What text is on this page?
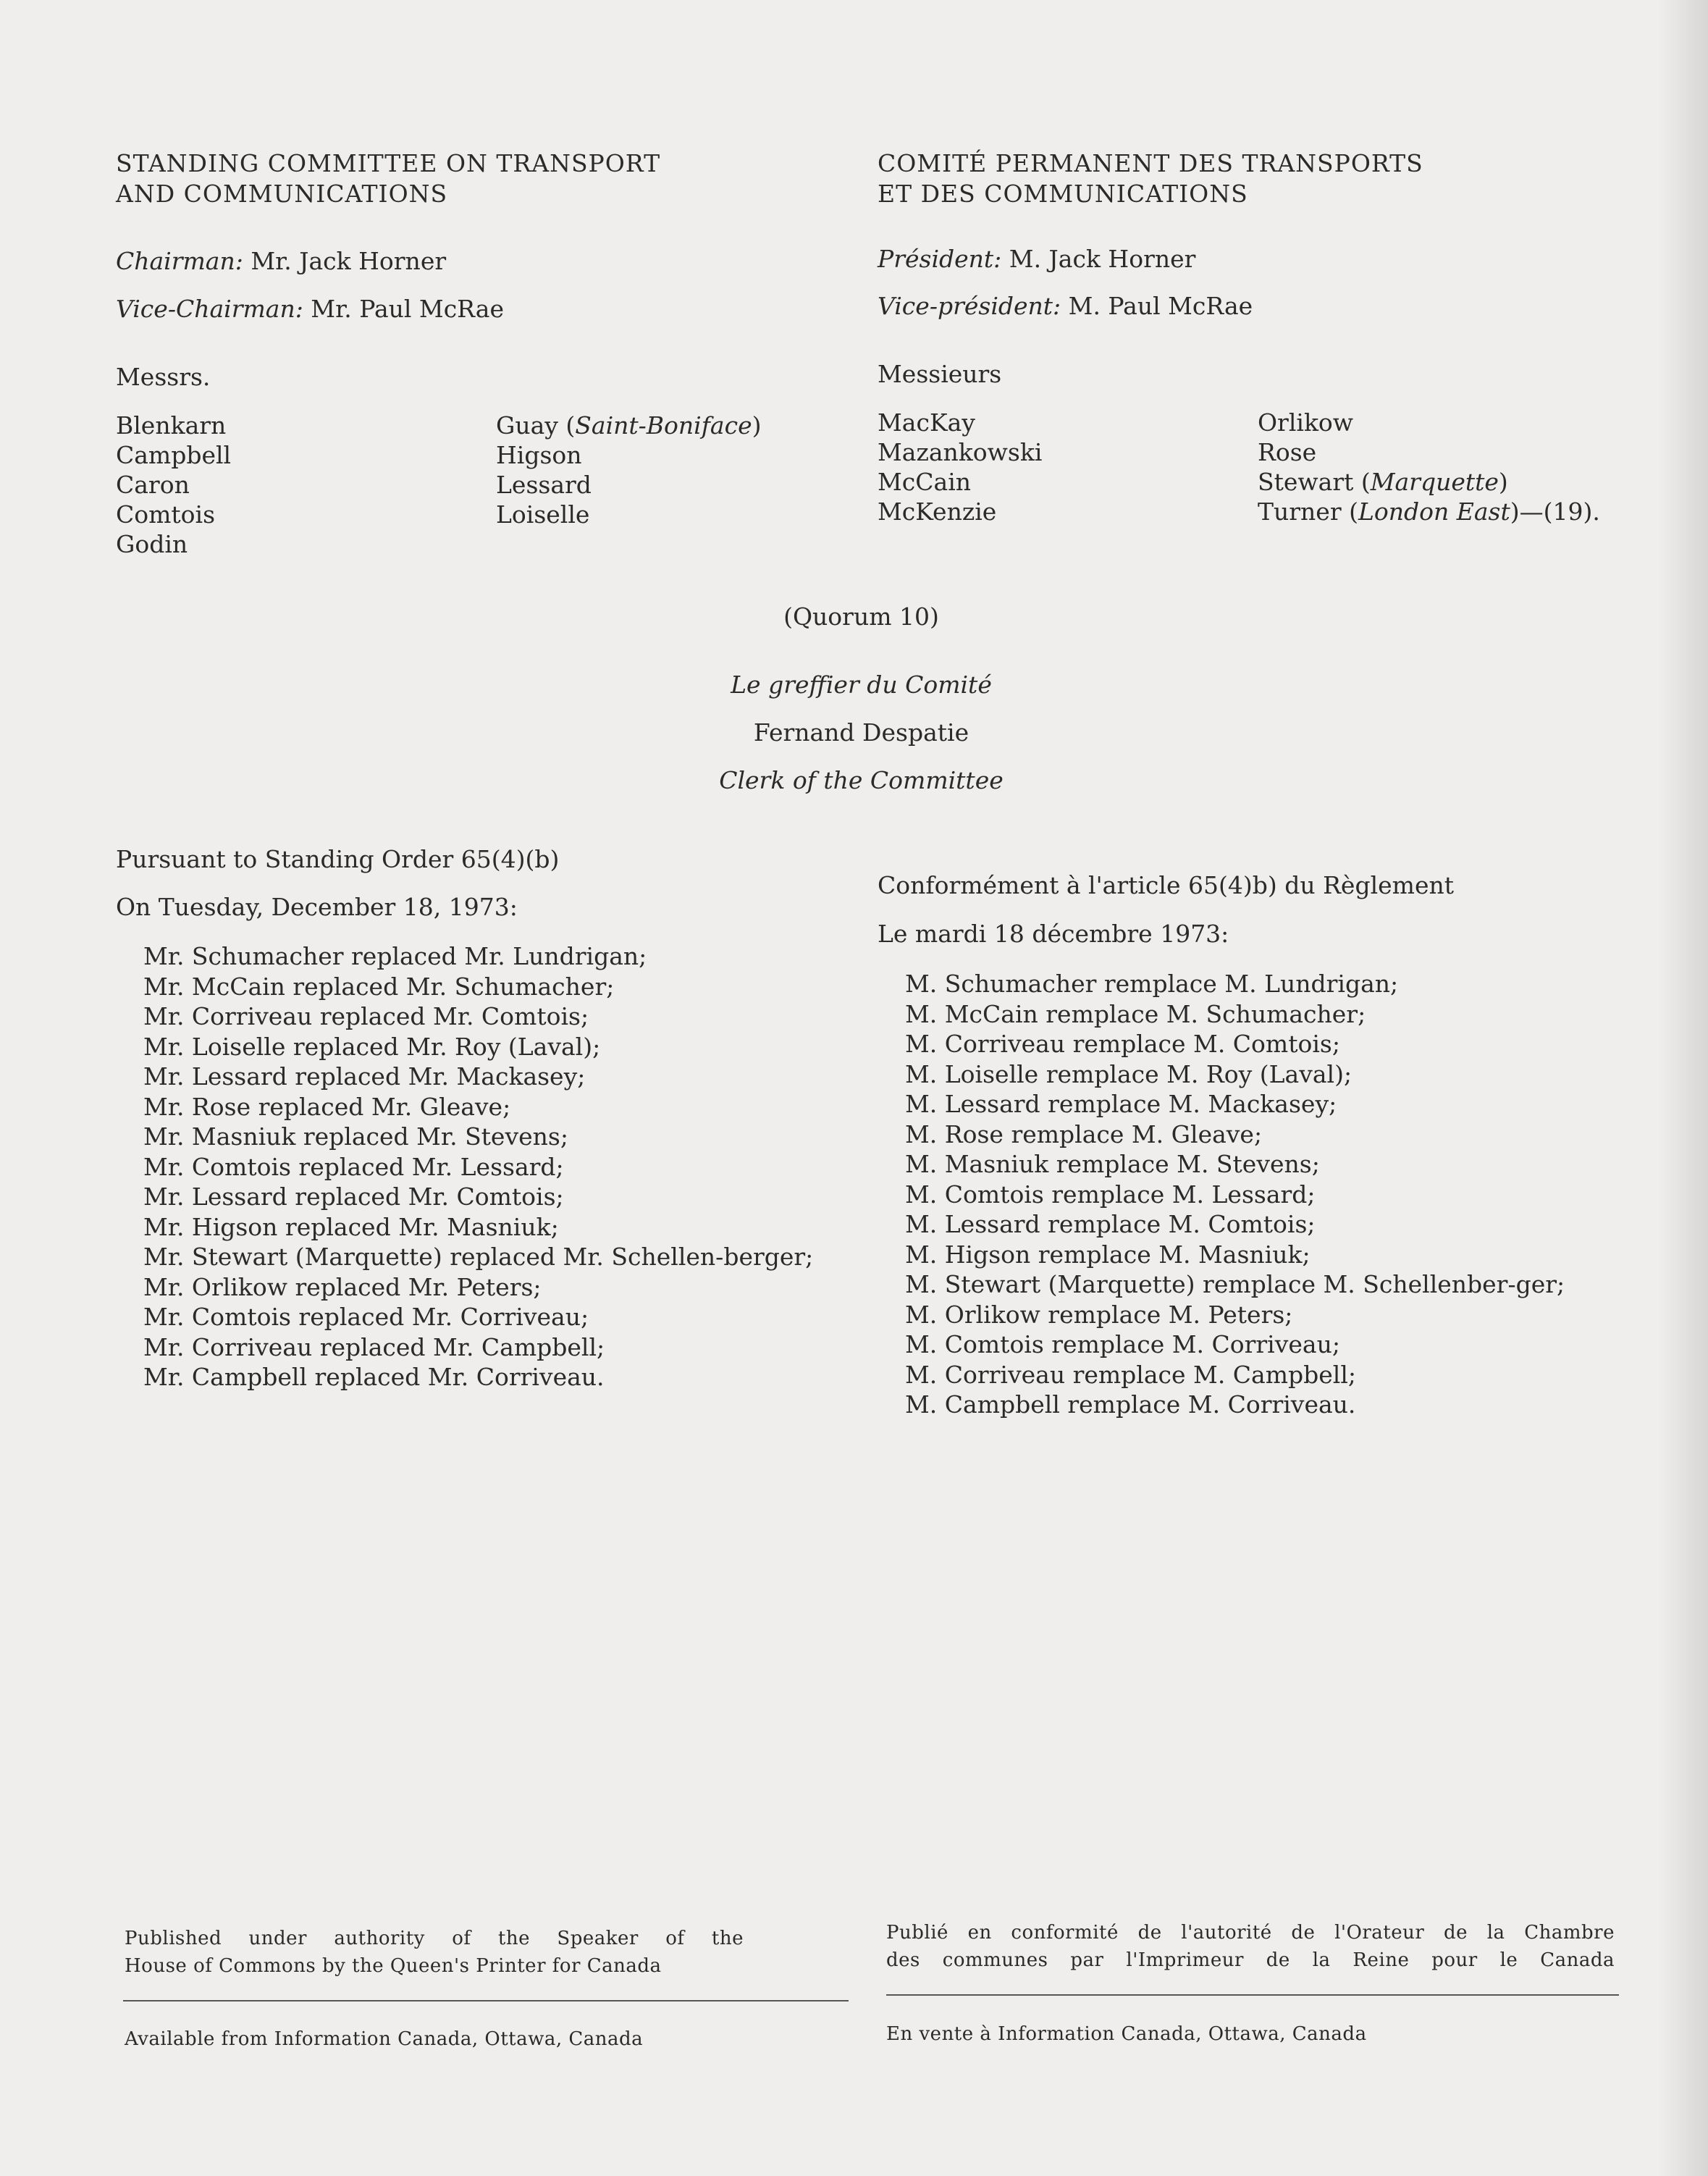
STANDING COMMITTEE ON TRANSPORT
AND COMMUNICATIONS
Chairman: Mr. Jack Horner
Vice-Chairman: Mr. Paul McRae
Messrs.
Blenkarn
Campbell
Caron
Comtois
Godin
Guay (Saint-Boniface)
Higson
Lessard
Loiselle
COMITÉ PERMANENT DES TRANSPORTS
ET DES COMMUNICATIONS
Président: M. Jack Horner
Vice-président: M. Paul McRae
Messieurs
MacKay
Mazankowski
McCain
McKenzie
Orlikow
Rose
Stewart (Marquette)
Turner (London East)—(19).
(Quorum 10)
Le greffier du Comité
Fernand Despatie
Clerk of the Committee
Pursuant to Standing Order 65(4)(b)
On Tuesday, December 18, 1973:
Mr. Schumacher replaced Mr. Lundrigan;
Mr. McCain replaced Mr. Schumacher;
Mr. Corriveau replaced Mr. Comtois;
Mr. Loiselle replaced Mr. Roy (Laval);
Mr. Lessard replaced Mr. Mackasey;
Mr. Rose replaced Mr. Gleave;
Mr. Masniuk replaced Mr. Stevens;
Mr. Comtois replaced Mr. Lessard;
Mr. Lessard replaced Mr. Comtois;
Mr. Higson replaced Mr. Masniuk;
Mr. Stewart (Marquette) replaced Mr. Schellen-berger;
Mr. Orlikow replaced Mr. Peters;
Mr. Comtois replaced Mr. Corriveau;
Mr. Corriveau replaced Mr. Campbell;
Mr. Campbell replaced Mr. Corriveau.
Conformément à l'article 65(4)b) du Règlement
Le mardi 18 décembre 1973:
M. Schumacher remplace M. Lundrigan;
M. McCain remplace M. Schumacher;
M. Corriveau remplace M. Comtois;
M. Loiselle remplace M. Roy (Laval);
M. Lessard remplace M. Mackasey;
M. Rose remplace M. Gleave;
M. Masniuk remplace M. Stevens;
M. Comtois remplace M. Lessard;
M. Lessard remplace M. Comtois;
M. Higson remplace M. Masniuk;
M. Stewart (Marquette) remplace M. Schellenber-ger;
M. Orlikow remplace M. Peters;
M. Comtois remplace M. Corriveau;
M. Corriveau remplace M. Campbell;
M. Campbell remplace M. Corriveau.
Published under authority of the Speaker of the
House of Commons by the Queen's Printer for Canada
Available from Information Canada, Ottawa, Canada
Publié en conformité de l'autorité de l'Orateur de la Chambre
des communes par l'Imprimeur de la Reine pour le Canada
En vente à Information Canada, Ottawa, Canada
